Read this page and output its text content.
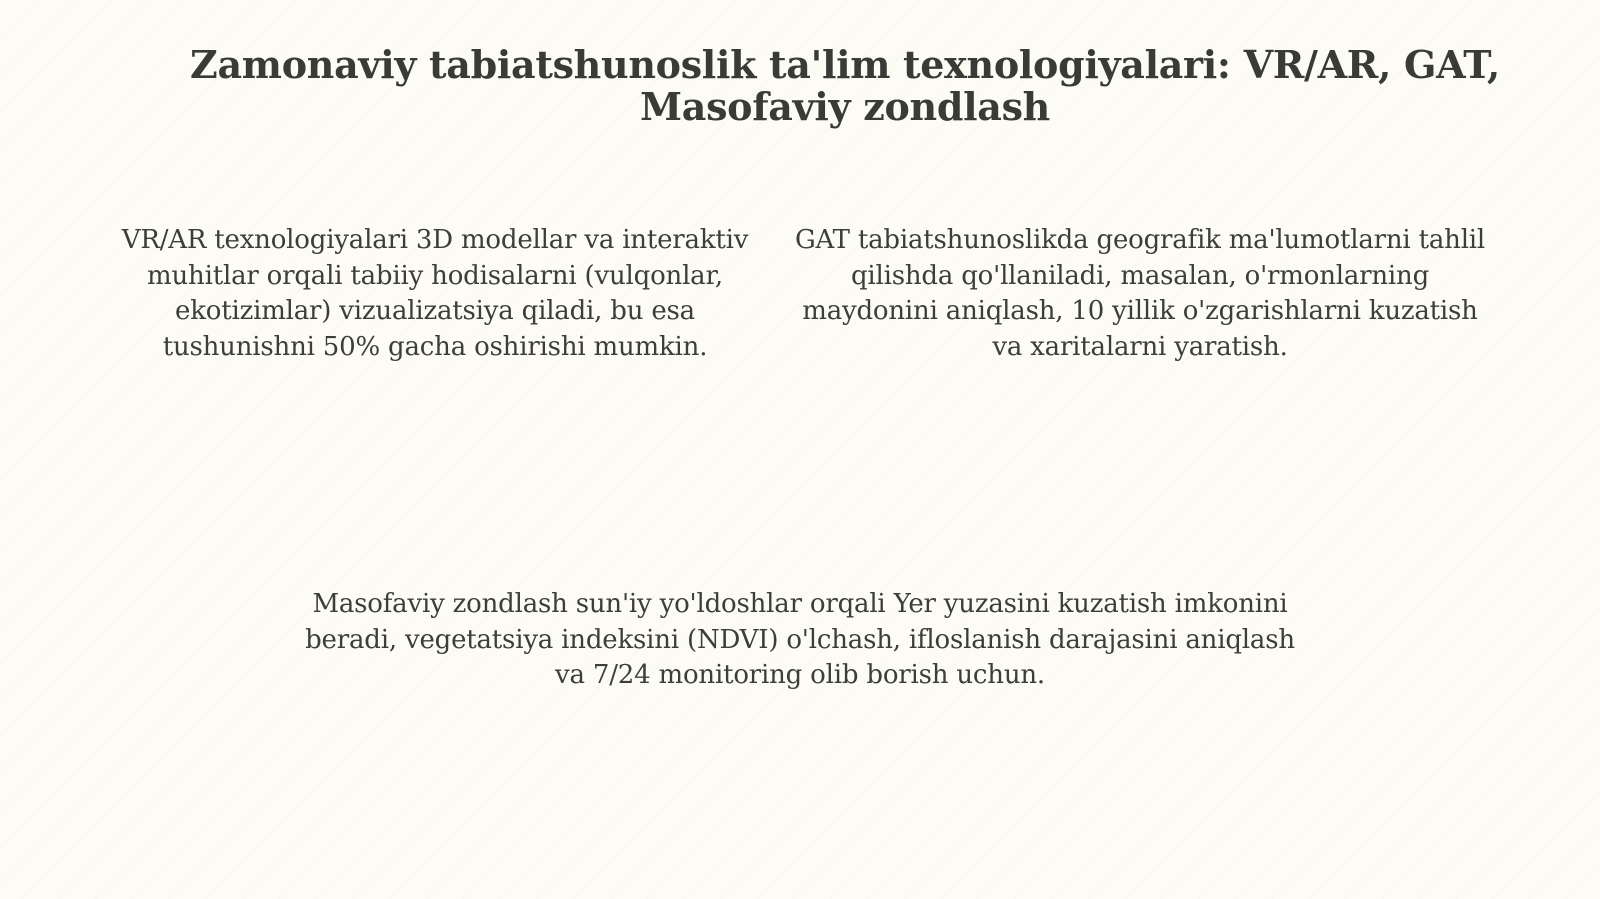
Zamonaviy tabiatshunoslik ta'lim texnologiyalari: VR/AR, GAT, Masofaviy zondlash

VR/AR texnologiyalari 3D modellar va interaktiv muhitlar orqali tabiiy hodisalarni (vulqonlar, ekotizimlar) vizualizatsiya qiladi, bu esa tushunishni 50% gacha oshirishi mumkin.

GAT tabiatshunoslikda geografik ma'lumotlarni tahlil qilishda qo'llaniladi, masalan, o'rmonlarning maydonini aniqlash, 10 yillik o'zgarishlarni kuzatish va xaritalarni yaratish.

Masofaviy zondlash sun'iy yo'ldoshlar orqali Yer yuzasini kuzatish imkonini beradi, vegetatsiya indeksini (NDVI) o'lchash, ifloslanish darajasini aniqlash va 7/24 monitoring olib borish uchun.
